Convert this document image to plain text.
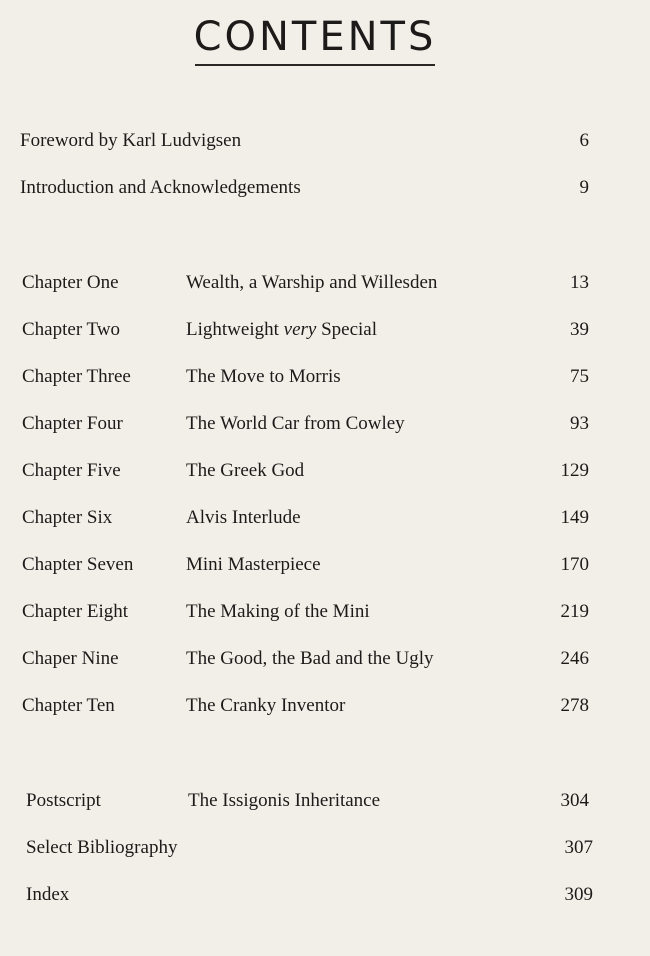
CONTENTS
Foreword by Karl Ludvigsen	6
Introduction and Acknowledgements	9
Chapter One	Wealth, a Warship and Willesden	13
Chapter Two	Lightweight very Special	39
Chapter Three	The Move to Morris	75
Chapter Four	The World Car from Cowley	93
Chapter Five	The Greek God	129
Chapter Six	Alvis Interlude	149
Chapter Seven	Mini Masterpiece	170
Chapter Eight	The Making of the Mini	219
Chaper Nine	The Good, the Bad and the Ugly	246
Chapter Ten	The Cranky Inventor	278
Postscript	The Issigonis Inheritance	304
Select Bibliography	307
Index	309
